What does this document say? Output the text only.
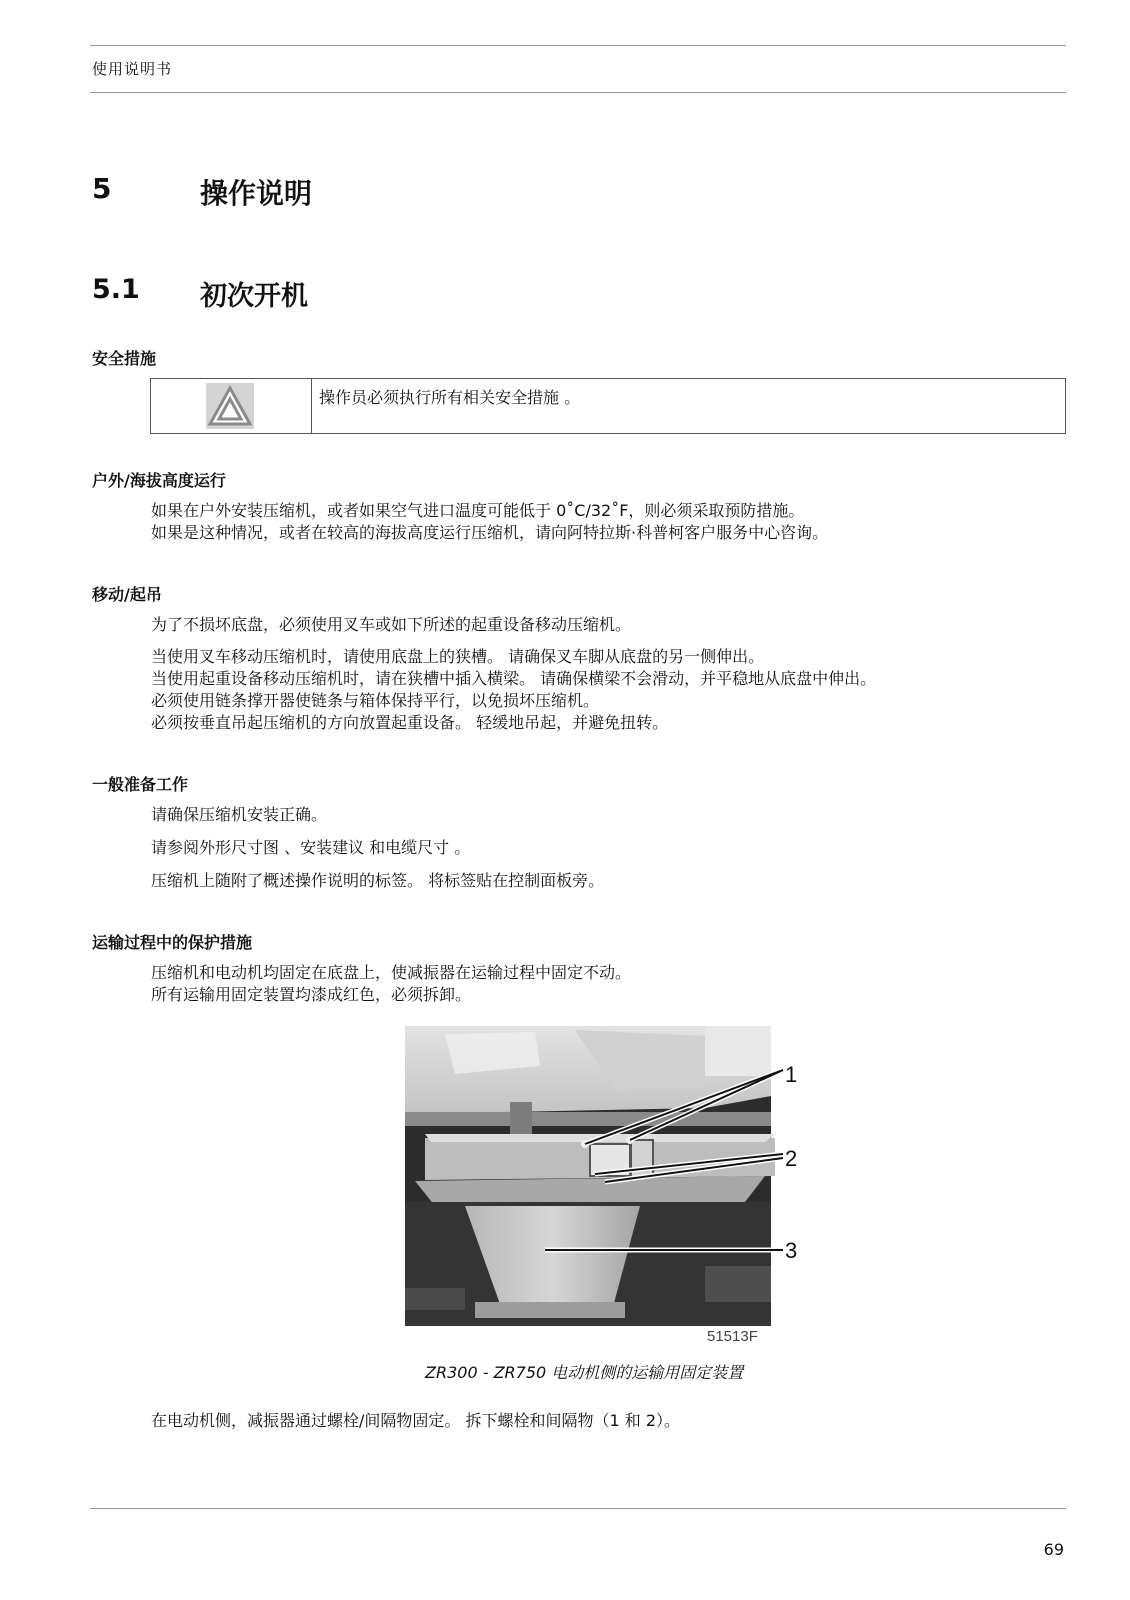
使用说明书
5	操作说明
5.1 初次开机
安全措施
操作员必须执行所有相关安全措施 。
户外/海拔高度运行
如果在户外安装压缩机，或者如果空气进口温度可能低于 0˚C/32˚F，则必须采取预防措施。
如果是这种情况，或者在较高的海拔高度运行压缩机，请向阿特拉斯·科普柯客户服务中心咨询。
移动/起吊
为了不损坏底盘，必须使用叉车或如下所述的起重设备移动压缩机。
当使用叉车移动压缩机时，请使用底盘上的狭槽。 请确保叉车脚从底盘的另一侧伸出。
当使用起重设备移动压缩机时，请在狭槽中插入横梁。 请确保横梁不会滑动，并平稳地从底盘中伸出。
必须使用链条撑开器使链条与箱体保持平行，以免损坏压缩机。
必须按垂直吊起压缩机的方向放置起重设备。 轻缓地吊起，并避免扭转。
一般准备工作
请确保压缩机安装正确。
请参阅外形尺寸图 、安装建议 和电缆尺寸 。
压缩机上随附了概述操作说明的标签。 将标签贴在控制面板旁。
运输过程中的保护措施
压缩机和电动机均固定在底盘上，使减振器在运输过程中固定不动。
所有运输用固定装置均漆成红色，必须拆卸。
1
2
3
51513F
ZR300 - ZR750 电动机侧的运输用固定装置
在电动机侧，减振器通过螺栓/间隔物固定。 拆下螺栓和间隔物（1 和 2）。
69
